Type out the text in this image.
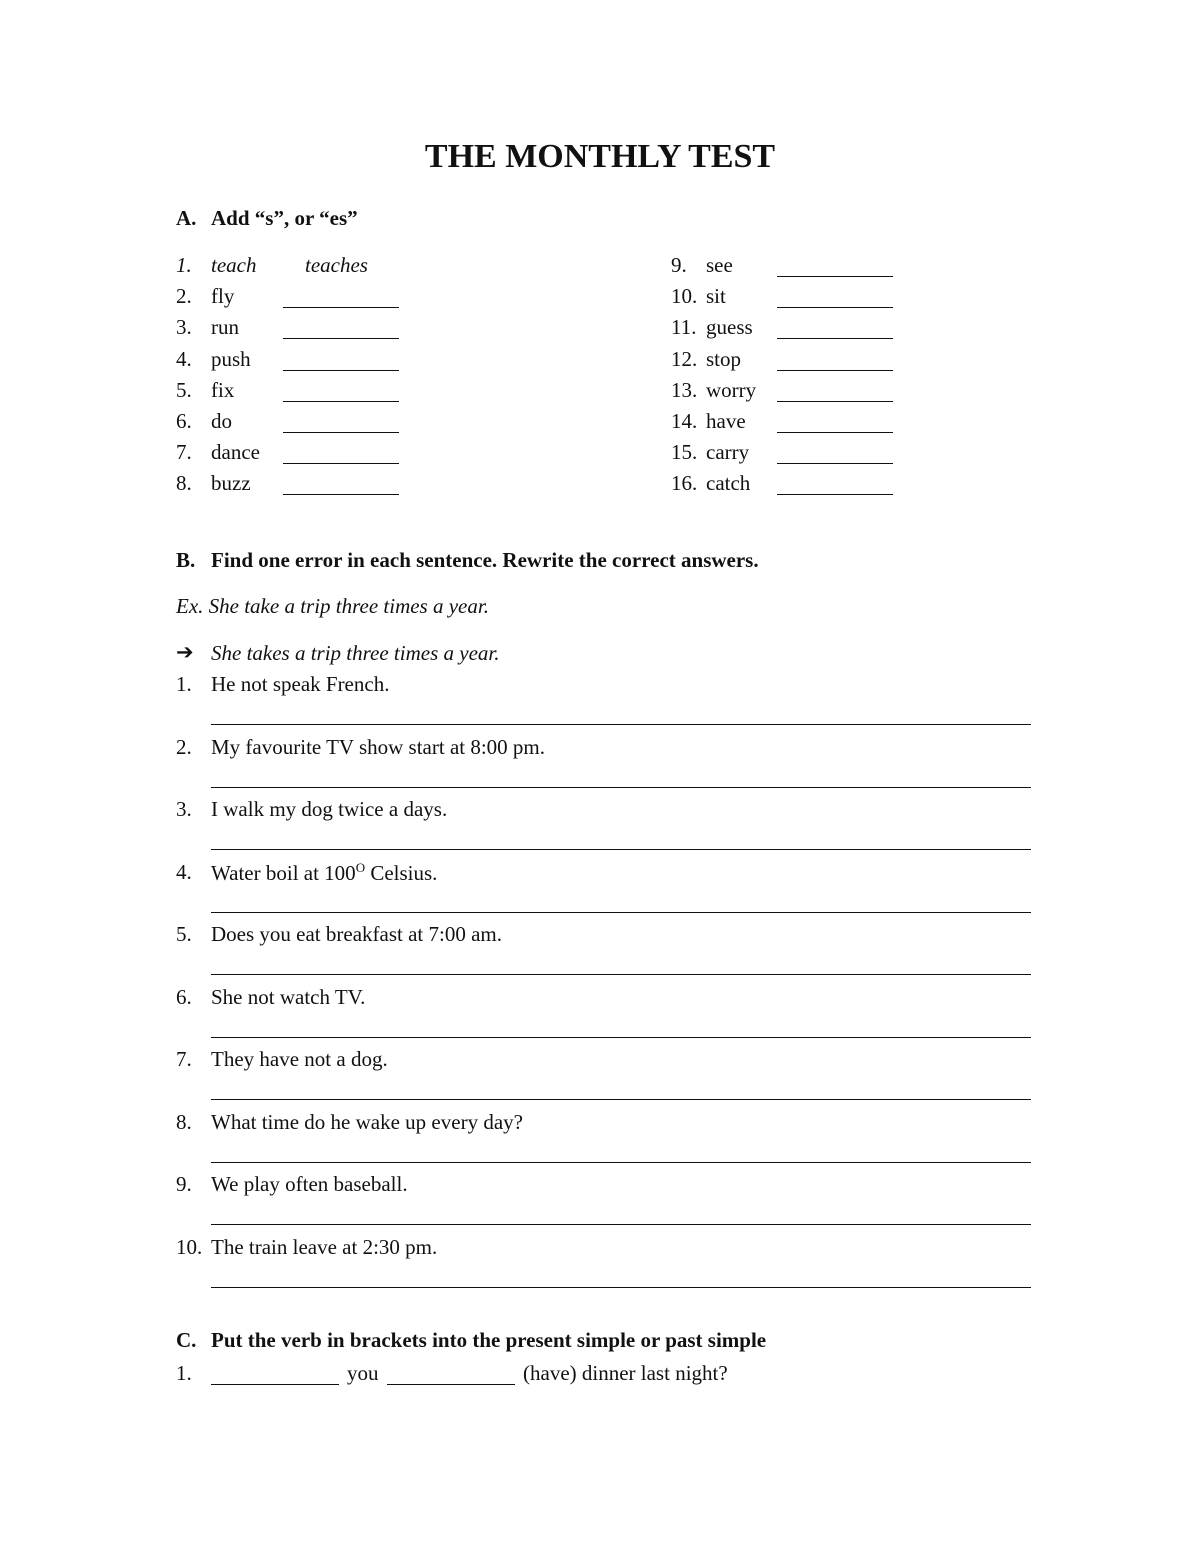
THE MONTHLY TEST
A. Add “s”, or “es”
1. teach teaches
2. fly
3. run
4. push
5. fix
6. do
7. dance
8. buzz
9. see
10. sit
11. guess
12. stop
13. worry
14. have
15. carry
16. catch
B. Find one error in each sentence. Rewrite the correct answers.
Ex. She take a trip three times a year.
➔ She takes a trip three times a year.
1. He not speak French.
2. My favourite TV show start at 8:00 pm.
3. I walk my dog twice a days.
4. Water boil at $100^O$ Celsius.
5. Does you eat breakfast at 7:00 am.
6. She not watch TV.
7. They have not a dog.
8. What time do he wake up every day?
9. We play often baseball.
10. The train leave at 2:30 pm.
C. Put the verb in brackets into the present simple or past simple
1.	you	(have) dinner last night?
